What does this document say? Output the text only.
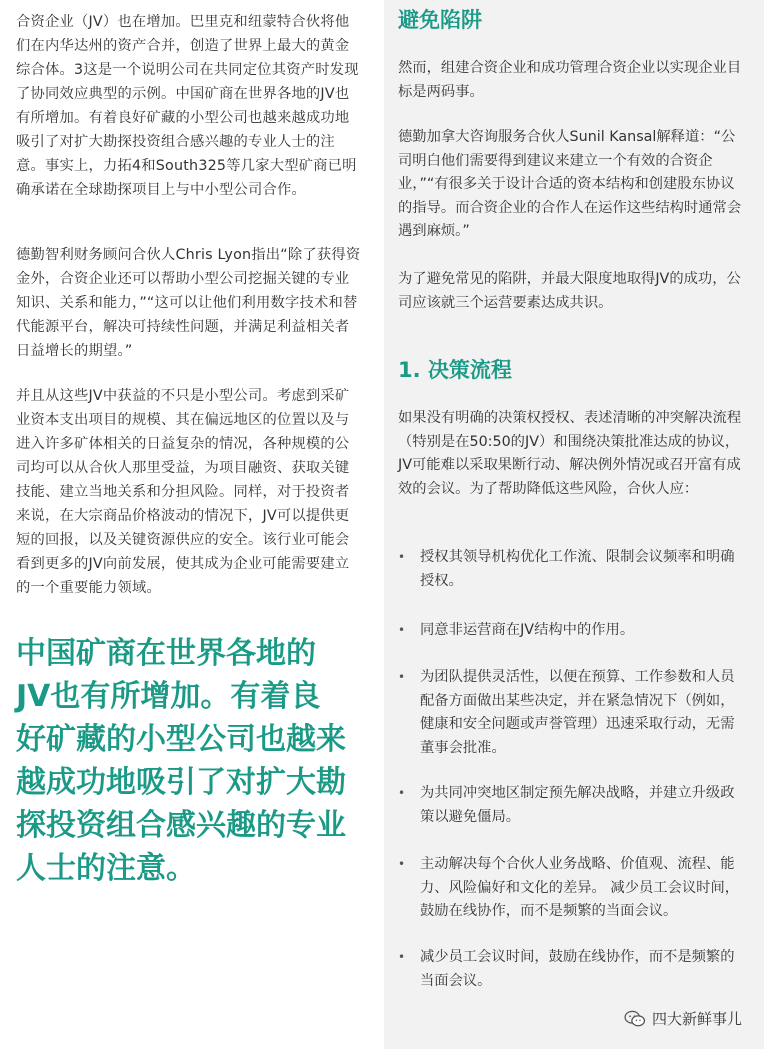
合资企业（JV）也在增加。巴里克和纽蒙特合伙将他们在内华达州的资产合并，创造了世界上最大的黄金综合体。3这是一个说明公司在共同定位其资产时发现了协同效应典型的示例。中国矿商在世界各地的JV也有所增加。有着良好矿藏的小型公司也越来越成功地吸引了对扩大勘探投资组合感兴趣的专业人士的注意。事实上，力拓4和South325等几家大型矿商已明确承诺在全球勘探项目上与中小型公司合作。

德勤智利财务顾问合伙人Chris Lyon指出“除了获得资金外，合资企业还可以帮助小型公司挖掘关键的专业知识、关系和能力，”“这可以让他们利用数字技术和替代能源平台，解决可持续性问题，并满足利益相关者日益增长的期望。”

并且从这些JV中获益的不只是小型公司。考虑到采矿业资本支出项目的规模、其在偏远地区的位置以及与进入许多矿体相关的日益复杂的情况，各种规模的公司均可以从合伙人那里受益，为项目融资、获取关键技能、建立当地关系和分担风险。同样，对于投资者来说，在大宗商品价格波动的情况下，JV可以提供更短的回报，以及关键资源供应的安全。该行业可能会看到更多的JV向前发展，使其成为企业可能需要建立的一个重要能力领域。

中国矿商在世界各地的JV也有所增加。有着良好矿藏的小型公司也越来越成功地吸引了对扩大勘探投资组合感兴趣的专业人士的注意。

避免陷阱

然而，组建合资企业和成功管理合资企业以实现企业目标是两码事。

德勤加拿大咨询服务合伙人Sunil Kansal解释道：“公司明白他们需要得到建议来建立一个有效的合资企业，”“有很多关于设计合适的资本结构和创建股东协议的指导。而合资企业的合作人在运作这些结构时通常会遇到麻烦。”

为了避免常见的陷阱，并最大限度地取得JV的成功，公司应该就三个运营要素达成共识。

1. 决策流程

如果没有明确的决策权授权、表述清晰的冲突解决流程（特别是在50:50的JV）和围绕决策批准达成的协议，JV可能难以采取果断行动、解决例外情况或召开富有成效的会议。为了帮助降低这些风险，合伙人应：

•	授权其领导机构优化工作流、限制会议频率和明确授权。
•	同意非运营商在JV结构中的作用。
•	为团队提供灵活性，以便在预算、工作参数和人员配备方面做出某些决定，并在紧急情况下（例如，健康和安全问题或声誉管理）迅速采取行动，无需董事会批准。
•	为共同冲突地区制定预先解决战略，并建立升级政策以避免僵局。
•	主动解决每个合伙人业务战略、价值观、流程、能力、风险偏好和文化的差异。 减少员工会议时间，鼓励在线协作，而不是频繁的当面会议。
•	减少员工会议时间，鼓励在线协作，而不是频繁的当面会议。
四大新鲜事儿
